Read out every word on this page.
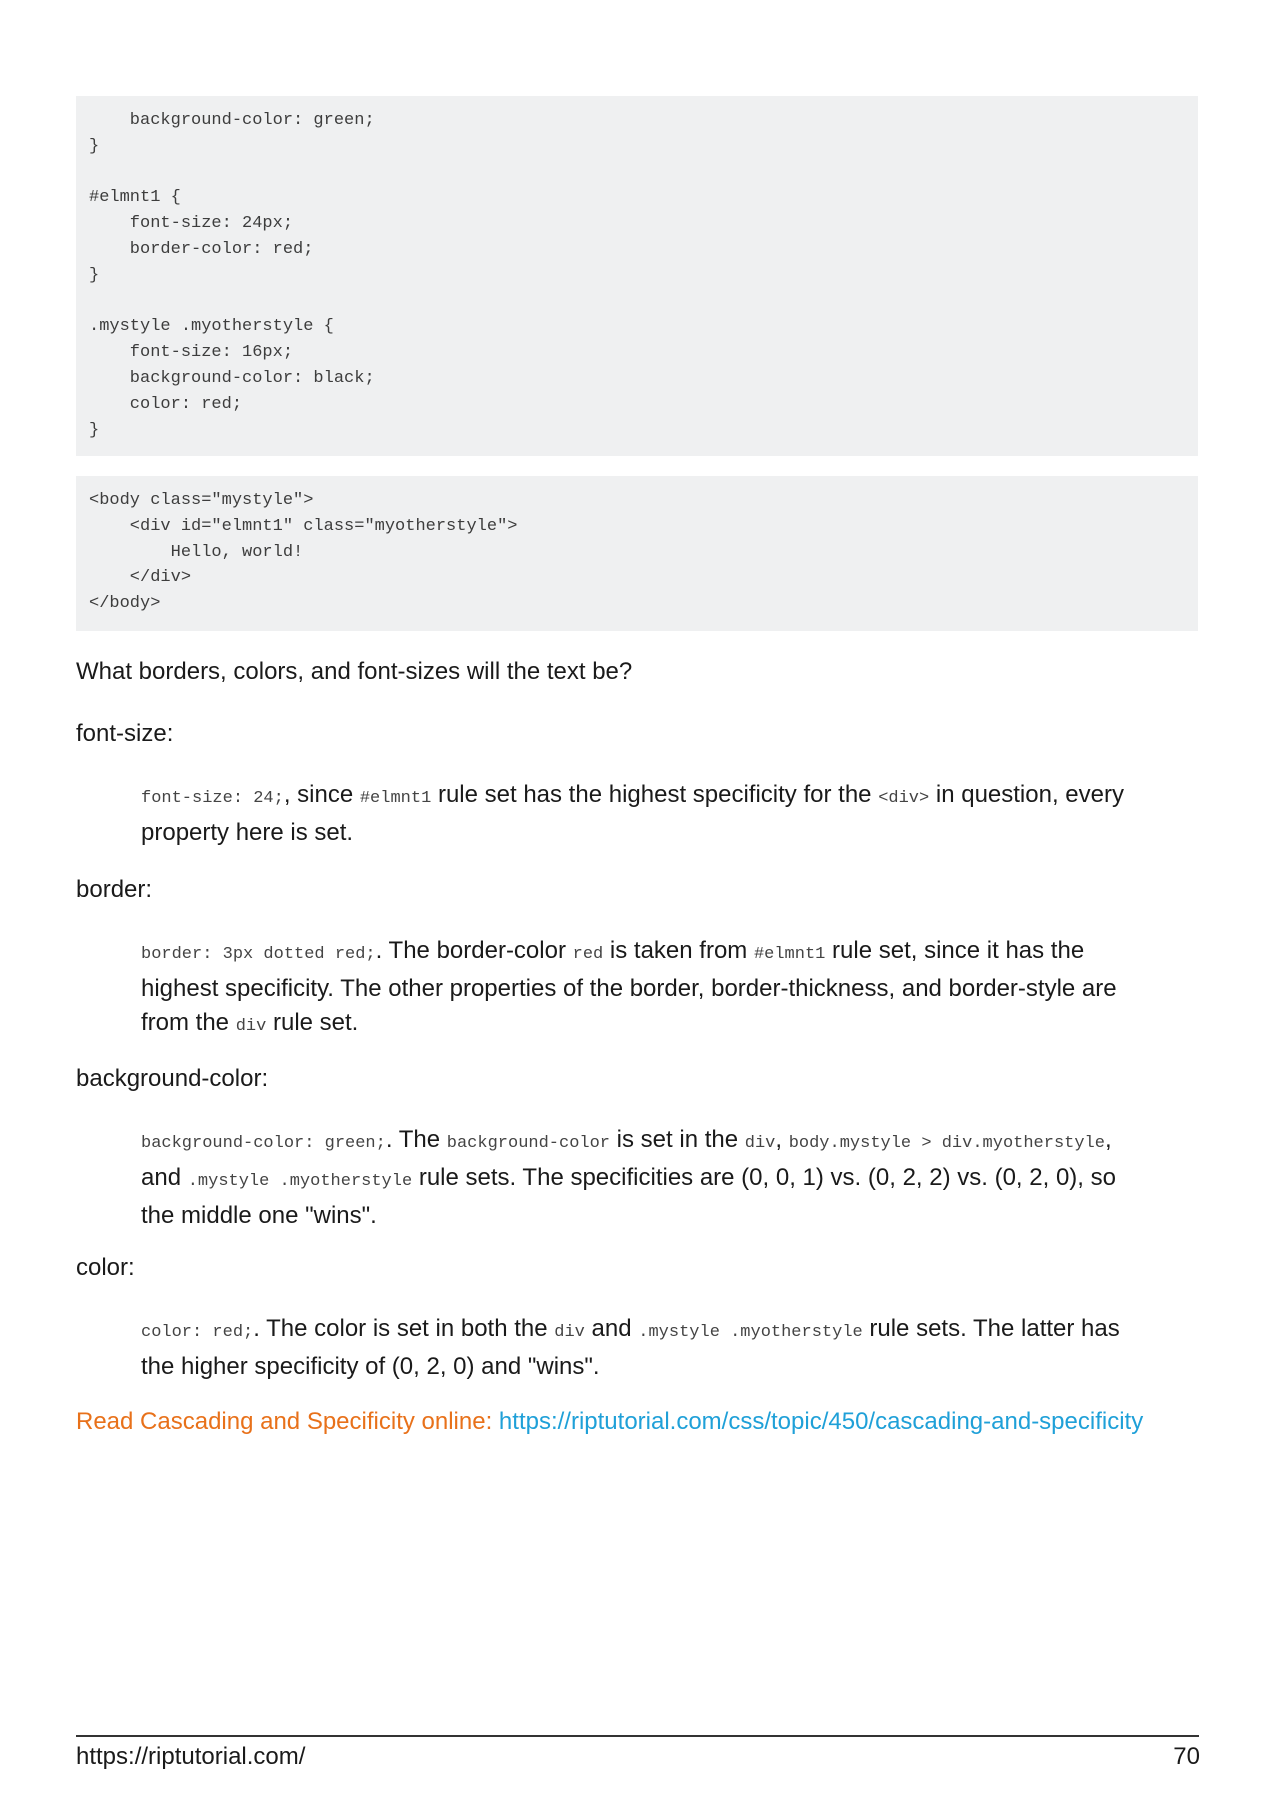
background-color: green;
}

#elmnt1 {
font-size: 24px;
border-color: red;
}

.mystyle .myotherstyle {
font-size: 16px;
background-color: black;
color: red;
}
<body class="mystyle">
<div id="elmnt1" class="myotherstyle">
Hello, world!
</div>
</body>

What borders, colors, and font-sizes will the text be?

font-size:

font-size: 24;, since #elmnt1 rule set has the highest specificity for the <div> in question, every property here is set.

border:

border: 3px dotted red;. The border-color red is taken from #elmnt1 rule set, since it has the highest specificity. The other properties of the border, border-thickness, and border-style are from the div rule set.

background-color:

background-color: green;. The background-color is set in the div, body.mystyle > div.myotherstyle, and .mystyle .myotherstyle rule sets. The specificities are (0, 0, 1) vs. (0, 2, 2) vs. (0, 2, 0), so the middle one "wins".

color:

color: red;. The color is set in both the div and .mystyle .myotherstyle rule sets. The latter has the higher specificity of (0, 2, 0) and "wins".

Read Cascading and Specificity online: https://riptutorial.com/css/topic/450/cascading-and-specificity

https://riptutorial.com/	70
